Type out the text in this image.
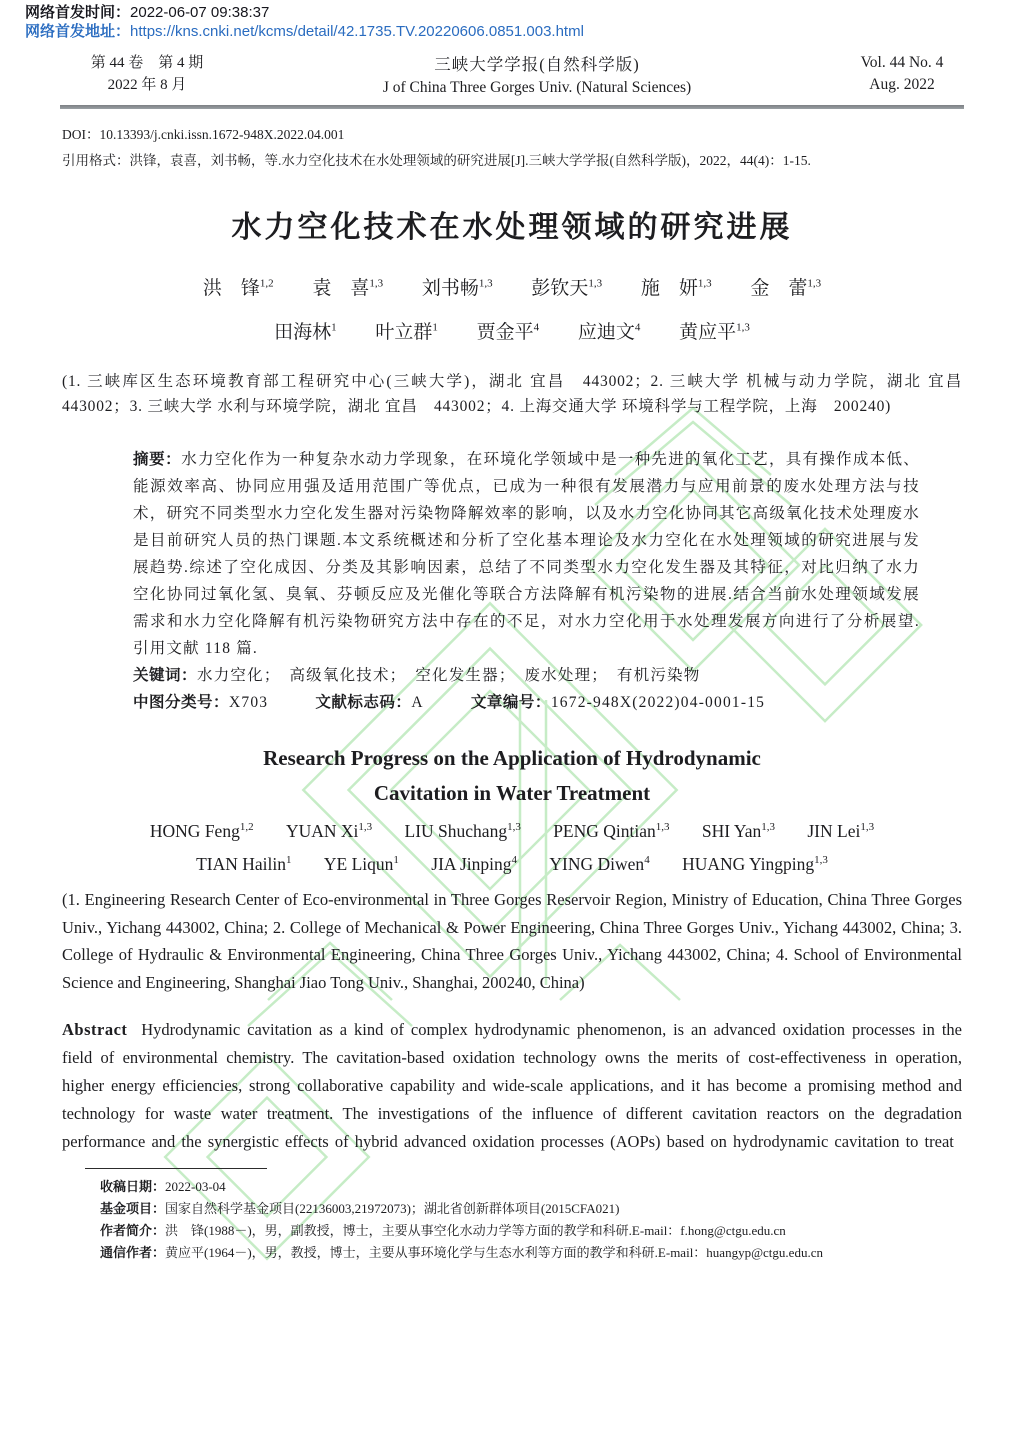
网络首发时间：2022-06-07 09:38:37
网络首发地址：https://kns.cnki.net/kcms/detail/42.1735.TV.20220606.0851.003.html
第 44 卷　第 4 期
2022 年 8 月
三峡大学学报(自然科学版)
J of China Three Gorges Univ. (Natural Sciences)
Vol. 44 No. 4
Aug. 2022
DOI：10.13393/j.cnki.issn.1672-948X.2022.04.001
引用格式：洪锋，袁喜，刘书畅，等.水力空化技术在水处理领域的研究进展[J].三峡大学学报(自然科学版)，2022，44(4)：1-15.
水力空化技术在水处理领域的研究进展
洪　锋$^{1,2}$ 袁　喜$^{1,3}$ 刘书畅$^{1,3}$ 彭钦天$^{1,3}$ 施　妍$^{1,3}$ 金　蕾$^{1,3}$
田海林$^1$ 叶立群$^1$ 贾金平$^4$ 应迪文$^4$ 黄应平$^{1,3}$
(1. 三峡库区生态环境教育部工程研究中心(三峡大学)，湖北 宜昌　443002；2. 三峡大学 机械与动力学院，湖北 宜昌　443002；3. 三峡大学 水利与环境学院，湖北 宜昌　443002；4. 上海交通大学 环境科学与工程学院，上海　200240)
摘要：水力空化作为一种复杂水动力学现象，在环境化学领域中是一种先进的氧化工艺，具有操作成本低、能源效率高、协同应用强及适用范围广等优点，已成为一种很有发展潜力与应用前景的废水处理方法与技术，研究不同类型水力空化发生器对污染物降解效率的影响，以及水力空化协同其它高级氧化技术处理废水是目前研究人员的热门课题.本文系统概述和分析了空化基本理论及水力空化在水处理领域的研究进展与发展趋势.综述了空化成因、分类及其影响因素，总结了不同类型水力空化发生器及其特征，对比归纳了水力空化协同过氧化氢、臭氧、芬顿反应及光催化等联合方法降解有机污染物的进展.结合当前水处理领域发展需求和水力空化降解有机污染物研究方法中存在的不足，对水力空化用于水处理发展方向进行了分析展望.引用文献 118 篇.
关键词：水力空化；　高级氧化技术；　空化发生器；　废水处理；　有机污染物
中图分类号：X703	文献标志码：A	文章编号：1672-948X(2022)04-0001-15
Research Progress on the Application of Hydrodynamic
Cavitation in Water Treatment
HONG Feng$^{1,2}$ YUAN Xi$^{1,3}$ LIU Shuchang$^{1,3}$ PENG Qintian$^{1,3}$ SHI Yan$^{1,3}$ JIN Lei$^{1,3}$
TIAN Hailin$^1$ YE Liqun$^1$ JIA Jinping$^4$ YING Diwen$^4$ HUANG Yingping$^{1,3}$
(1. Engineering Research Center of Eco-environmental in Three Gorges Reservoir Region, Ministry of Education, China Three Gorges Univ., Yichang 443002, China; 2. College of Mechanical & Power Engineering, China Three Gorges Univ., Yichang 443002, China; 3. College of Hydraulic & Environmental Engineering, China Three Gorges Univ., Yichang 443002, China; 4. School of Environmental Science and Engineering, Shanghai Jiao Tong Univ., Shanghai, 200240, China)
Abstract Hydrodynamic cavitation as a kind of complex hydrodynamic phenomenon, is an advanced oxidation processes in the field of environmental chemistry. The cavitation-based oxidation technology owns the merits of cost-effectiveness in operation, higher energy efficiencies, strong collaborative capability and wide-scale applications, and it has become a promising method and technology for waste water treatment. The investigations of the influence of different cavitation reactors on the degradation performance and the synergistic effects of hybrid advanced oxidation processes (AOPs) based on hydrodynamic cavitation to treat
收稿日期：2022-03-04
基金项目：国家自然科学基金项目(22136003,21972073)；湖北省创新群体项目(2015CFA021)
作者简介：洪　锋(1988－)，男，副教授，博士，主要从事空化水动力学等方面的教学和科研.E-mail：f.hong@ctgu.edu.cn
通信作者：黄应平(1964－)，男，教授，博士，主要从事环境化学与生态水利等方面的教学和科研.E-mail：huangyp@ctgu.edu.cn
